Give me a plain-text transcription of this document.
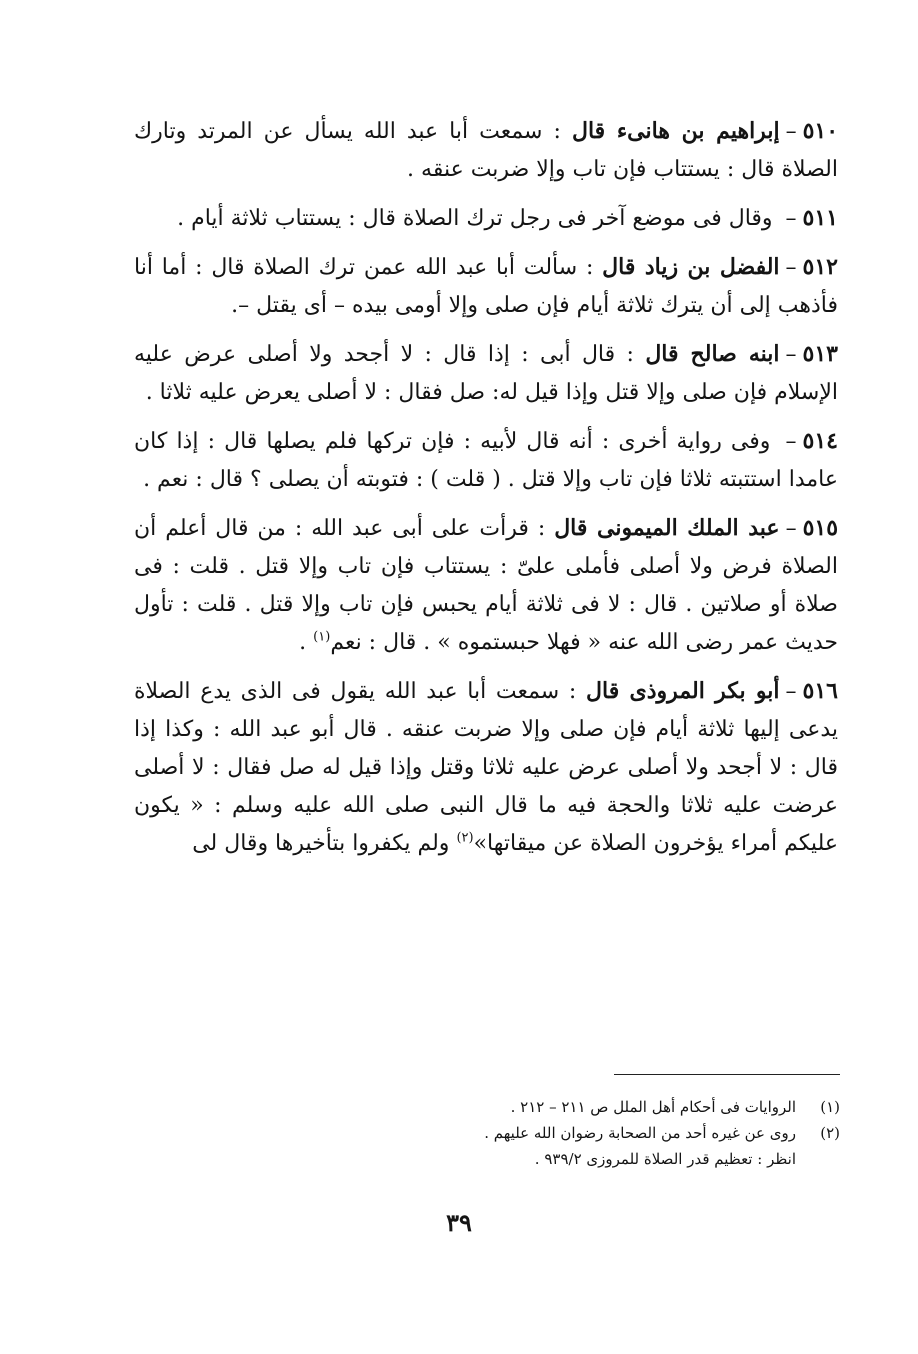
٥١٠–إبراهيم بن هانىء قال : سمعت أبا عبد الله يسأل عن المرتد وتارك الصلاة قال : يستتاب فإن تاب وإلا ضربت عنقه .

٥١١– وقال فى موضع آخر فى رجل ترك الصلاة قال : يستتاب ثلاثة أيام .

٥١٢–الفضل بن زياد قال : سألت أبا عبد الله عمن ترك الصلاة قال : أما أنا فأذهب إلى أن يترك ثلاثة أيام فإن صلى وإلا أومى بيده – أى يقتل –.

٥١٣–ابنه صالح قال : قال أبى : إذا قال : لا أجحد ولا أصلى عرض عليه الإسلام فإن صلى وإلا قتل وإذا قيل له: صل فقال : لا أصلى يعرض عليه ثلاثا .

٥١٤– وفى رواية أخرى : أنه قال لأبيه : فإن تركها فلم يصلها قال : إذا كان عامدا استتبته ثلاثا فإن تاب وإلا قتل . ( قلت ) : فتوبته أن يصلى ؟ قال : نعم .

٥١٥–عبد الملك الميمونى قال : قرأت على أبى عبد الله : من قال أعلم أن الصلاة فرض ولا أصلى فأملى علىّ : يستتاب فإن تاب وإلا قتل . قلت : فى صلاة أو صلاتين . قال : لا فى ثلاثة أيام يحبس فإن تاب وإلا قتل . قلت : تأول حديث عمر رضى الله عنه « فهلا حبستموه » . قال : نعم$^{(١)}$ .

٥١٦–أبو بكر المروذى قال : سمعت أبا عبد الله يقول فى الذى يدع الصلاة يدعى إليها ثلاثة أيام فإن صلى وإلا ضربت عنقه . قال أبو عبد الله : وكذا إذا قال : لا أجحد ولا أصلى عرض عليه ثلاثا وقتل وإذا قيل له صل فقال : لا أصلى عرضت عليه ثلاثا والحجة فيه ما قال النبى صلى الله عليه وسلم : « يكون عليكم أمراء يؤخرون الصلاة عن ميقاتها»$^{(٢)}$ ولم يكفروا بتأخيرها وقال لى

(١)الروايات فى أحكام أهل الملل ص ٢١١ – ٢١٢ .
(٢)روى عن غيره أحد من الصحابة رضوان الله عليهم .
انظر : تعظيم قدر الصلاة للمروزى ٩٣٩/٢ .
٣٩
